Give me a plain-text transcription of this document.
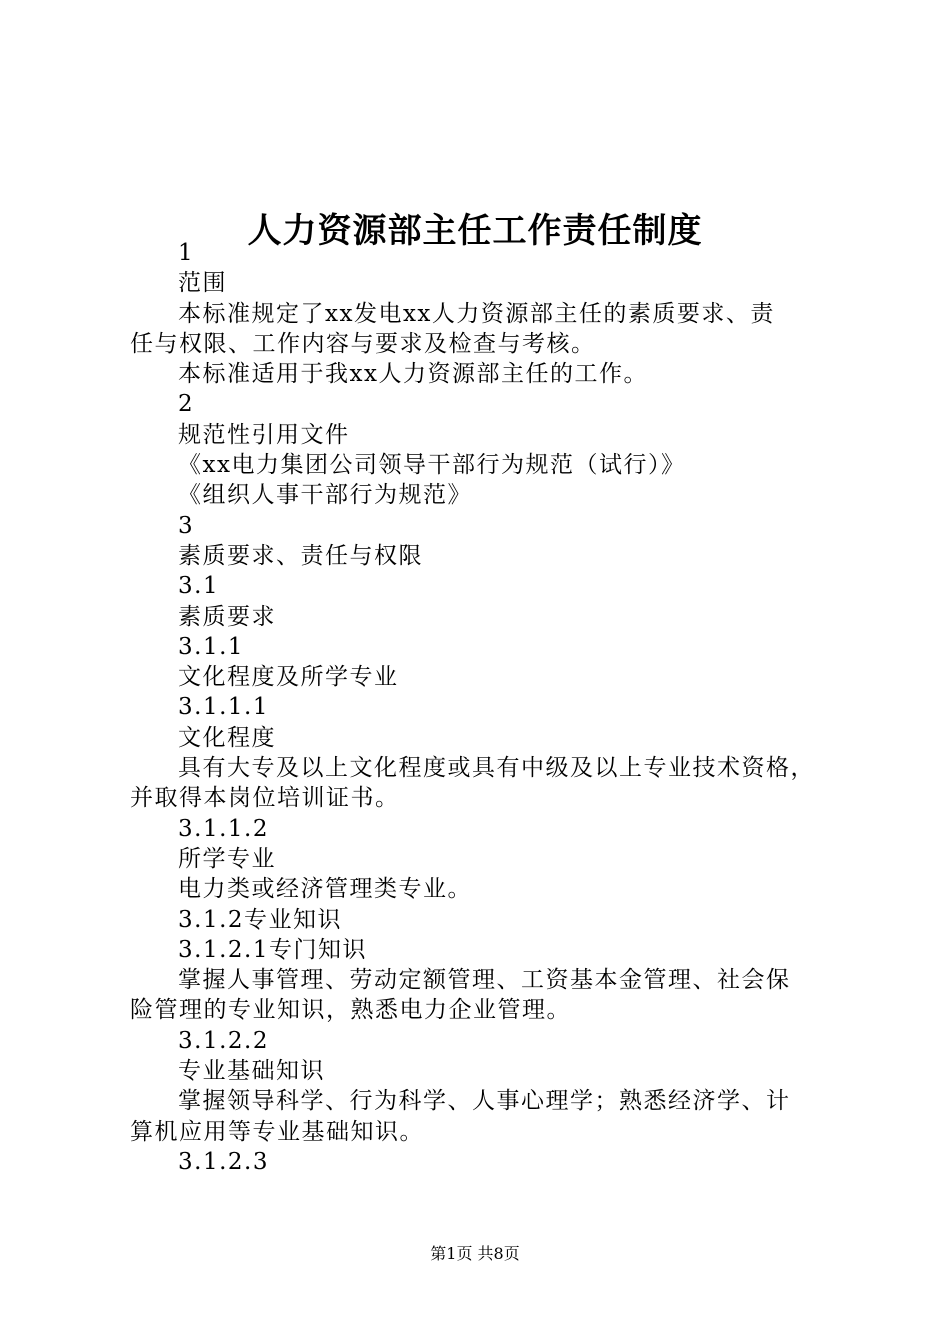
人力资源部主任工作责任制度

1

范围

本标准规定了xx发电xx人力资源部主任的素质要求、责

任与权限、工作内容与要求及检查与考核。

本标准适用于我xx人力资源部主任的工作。

2

规范性引用文件

《xx电力集团公司领导干部行为规范（试行）》

《组织人事干部行为规范》

3

素质要求、责任与权限

3.1

素质要求

3.1.1

文化程度及所学专业

3.1.1.1

文化程度

具有大专及以上文化程度或具有中级及以上专业技术资格，

并取得本岗位培训证书。

3.1.1.2

所学专业

电力类或经济管理类专业。

3.1.2专业知识

3.1.2.1专门知识

掌握人事管理、劳动定额管理、工资基本金管理、社会保

险管理的专业知识，熟悉电力企业管理。

3.1.2.2

专业基础知识

掌握领导科学、行为科学、人事心理学；熟悉经济学、计

算机应用等专业基础知识。

3.1.2.3

第1页 共8页
